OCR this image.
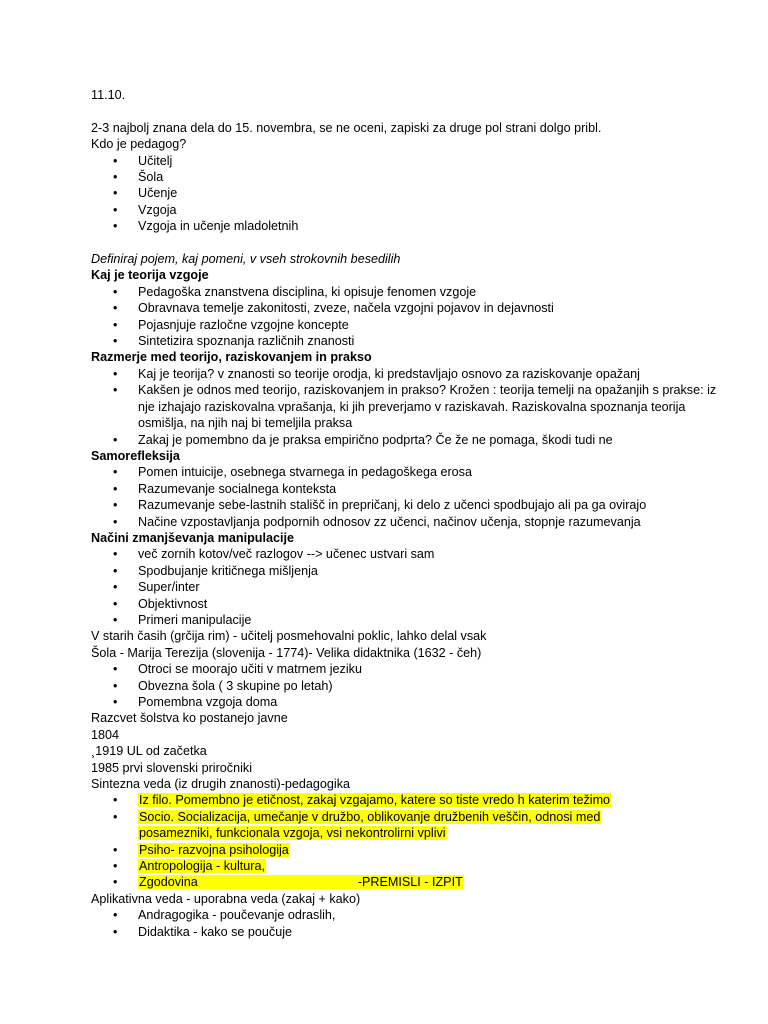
11.10.

2-3 najbolj znana dela do 15. novembra, se ne oceni, zapiski za druge pol strani dolgo pribl.

Kdo je pedagog?

• Učitelj
• Šola
• Učenje
• Vzgoja
• Vzgoja in učenje mladoletnih

Definiraj pojem, kaj pomeni, v vseh strokovnih besedilih

Kaj je teorija vzgoje

• Pedagoška znanstvena disciplina, ki opisuje fenomen vzgoje
• Obravnava temelje zakonitosti, zveze, načela vzgojni pojavov in dejavnosti
• Pojasnjuje razločne vzgojne koncepte
• Sintetizira spoznanja različnih znanosti

Razmerje med teorijo, raziskovanjem in prakso

• Kaj je teorija? v znanosti so teorije orodja, ki predstavljajo osnovo za raziskovanje opažanj
• Kakšen je odnos med teorijo, raziskovanjem in prakso? Krožen : teorija temelji na opažanjih s prakse: iz nje izhajajo raziskovalna vprašanja, ki jih preverjamo v raziskavah. Raziskovalna spoznanja teorija osmišlja, na njih naj bi temeljila praksa
• Zakaj je pomembno da je praksa empirično podprta? Če že ne pomaga, škodi tudi ne

Samorefleksija

• Pomen intuicije, osebnega stvarnega in pedagoškega erosa
• Razumevanje socialnega konteksta
• Razumevanje sebe-lastnih stališč in prepričanj, ki delo z učenci spodbujajo ali pa ga ovirajo
• Načine vzpostavljanja podpornih odnosov zz učenci, načinov učenja, stopnje razumevanja

Načini zmanjševanja manipulacije

• več zornih kotov/več razlogov --> učenec ustvari sam
• Spodbujanje kritičnega mišljenja
• Super/inter
• Objektivnost
• Primeri manipulacije

V starih časih (grčija rim) - učitelj posmehovalni poklic, lahko delal vsak

Šola - Marija Terezija (slovenija - 1774)- Velika didaktnika (1632 - čeh)

• Otroci se moorajo učiti v matrnem jeziku
• Obvezna šola ( 3 skupine po letah)
• Pomembna vzgoja doma

Razcvet šolstva ko postanejo javne

1804

¸1919 UL od začetka

1985 prvi slovenski priročniki

Sintezna veda (iz drugih znanosti)-pedagogika

• Iz filo. Pomembno je etičnost, zakaj vzgajamo, katere so tiste vredo h katerim težimo
• Socio. Socializacija, umečanje v družbo, oblikovanje družbenih veščin, odnosi med
posamezniki, funkcionala vzgoja, vsi nekontrolirni vplivi
• Psiho- razvojna psihologija
• Antropologija - kultura,
• Zgodovina	-PREMISLI - IZPIT

Aplikativna veda - uporabna veda (zakaj + kako)

• Andragogika - poučevanje odraslih,
• Didaktika - kako se poučuje
